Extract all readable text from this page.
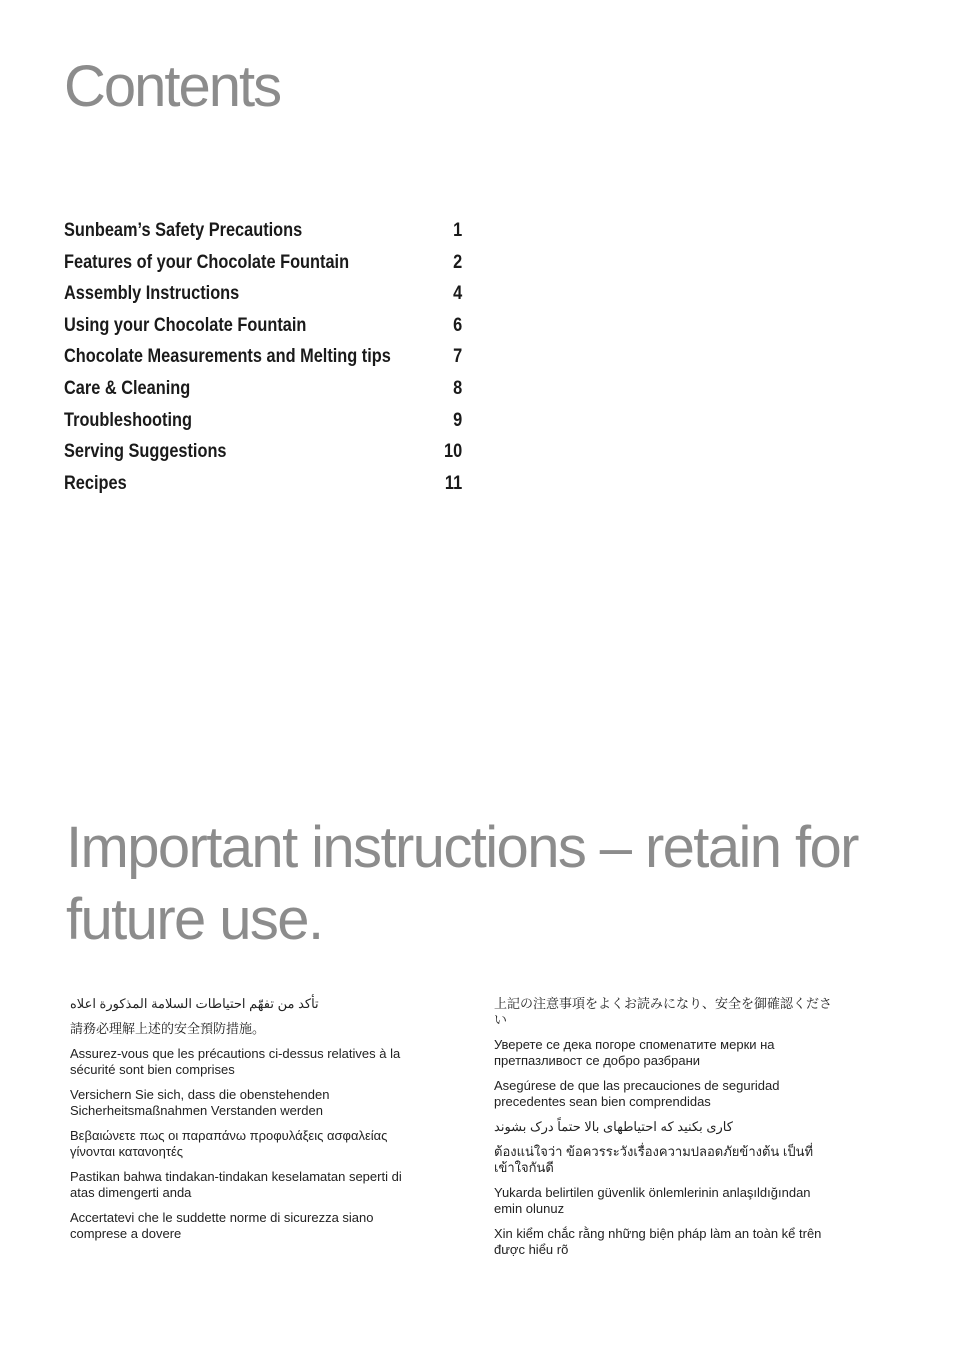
Contents
Sunbeam’s Safety Precautions	1
Features of your Chocolate Fountain	2
Assembly Instructions	4
Using your Chocolate Fountain	6
Chocolate Measurements and Melting tips	7
Care & Cleaning	8
Troubleshooting	9
Serving Suggestions	10
Recipes	11
Important instructions – retain for future use.

تأكد من تفهّم احتياطات السلامة المذكورة اعلاه

請務必理解上述的安全預防措施。

Assurez-vous que les précautions ci-dessus relatives à la sécurité sont bien comprises

Versichern Sie sich, dass die obenstehenden Sicherheitsmaßnahmen Verstanden werden

Βεβαιώνετε πως οι παραπάνω προφυλάξεις ασφαλείας γίνονται κατανοητές

Pastikan bahwa tindakan-tindakan keselamatan seperti di atas dimengerti anda

Accertatevi che le suddette norme di sicurezza siano comprese a dovere

上記の注意事項をよくお読みになり、安全を御確認ください

Уверете се дека погоре спомenатите мерки на претпазливост се добро разбрани

Asegúrese de que las precauciones de seguridad precedentes sean bien comprendidas

کاری بکنید که احتیاطهای بالا حتماً درک بشوند

ต้องแน่ใจว่า ข้อควรระวังเรื่องความปลอดภัยข้างต้น เป็นที่เข้าใจกันดี

Yukarda belirtilen güvenlik önlemlerinin anlaşıldığından emin olunuz

Xin kiểm chắc rằng những biện pháp làm an toàn kể trên được hiểu rõ
